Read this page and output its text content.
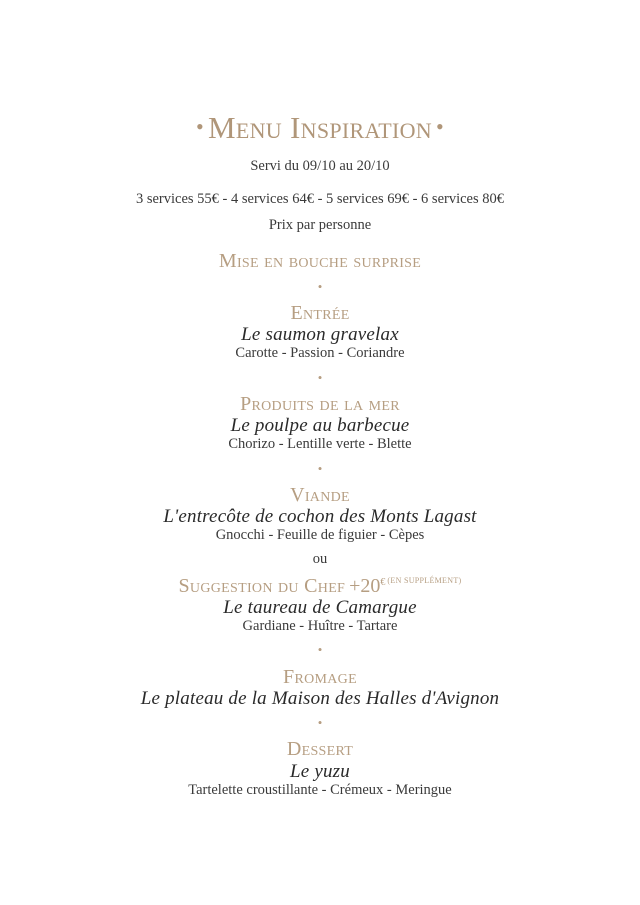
• Menu Inspiration •
Servi du 09/10 au 20/10
3 services 55€ - 4 services 64€ - 5 services 69€ - 6 services 80€
Prix par personne
Mise en bouche surprise
•
Entrée
Le saumon gravelax
Carotte - Passion - Coriandre
•
Produits de la mer
Le poulpe au barbecue
Chorizo - Lentille verte - Blette
•
Viande
L'entrecôte de cochon des Monts Lagast
Gnocchi - Feuille de figuier - Cèpes
ou
Suggestion du Chef +20€ $^{(EN SUPPLÉMENT)}$
Le taureau de Camargue
Gardiane - Huître - Tartare
•
Fromage
Le plateau de la Maison des Halles d'Avignon
•
Dessert
Le yuzu
Tartelette croustillante - Crémeux - Meringue
